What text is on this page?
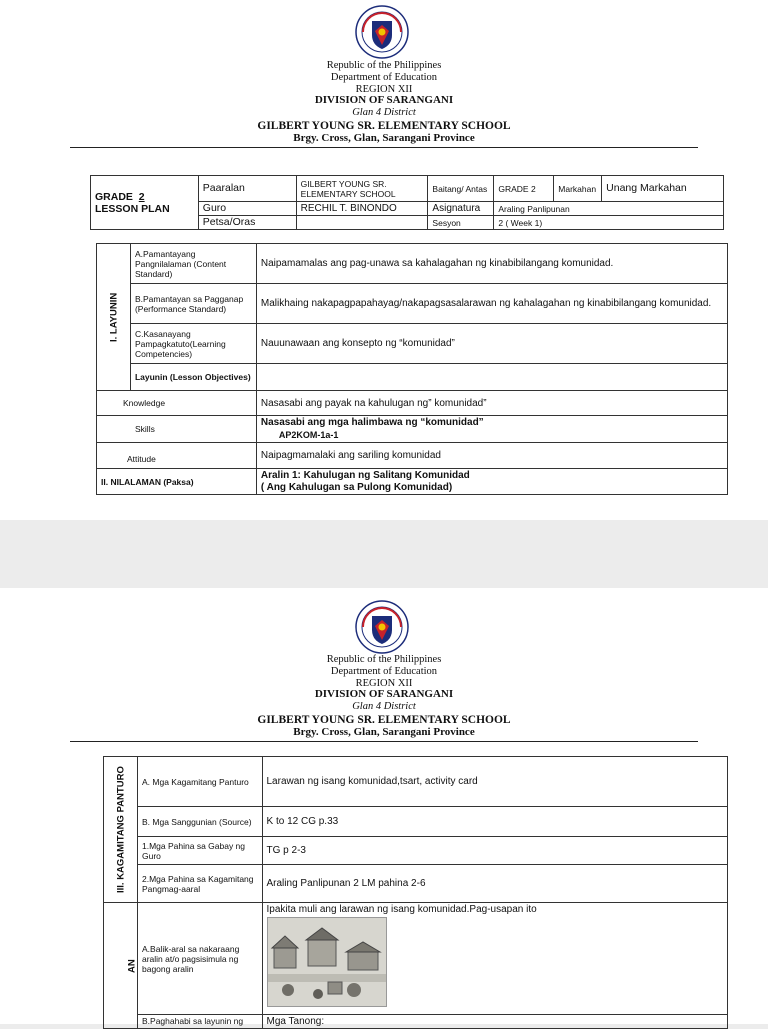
Republic of the Philippines
Department of Education
REGION XII
DIVISION OF SARANGANI
Glan 4 District
GILBERT YOUNG SR. ELEMENTARY SCHOOL
Brgy. Cross, Glan, Sarangani Province
GRADE 2
LESSON PLAN	Paaralan	GILBERT YOUNG SR. ELEMENTARY SCHOOL	Baitang/ Antas	GRADE 2	Markahan	Unang Markahan
	Guro	RECHIL T. BINONDO	Asignatura	Araling Panlipunan		
	Petsa/Oras		Sesyon	2 ( Week 1)		
I. LAYUNIN	A.Pamantayang Pangnilalaman (Content Standard)	Naipamamalas ang pag-unawa sa kahalagahan ng kinabibilangang komunidad.
	B.Pamantayan sa Pagganap (Performance Standard)	Malikhaing nakapagpapahayag/nakapagsasalarawan ng kahalagahan ng kinabibilangang komunidad.
	C.Kasanayang Pampagkatuto(Learning Competencies)	Nauunawaan ang konsepto ng “komunidad”
	Layunin (Lesson Objectives)	
Knowledge		Nasasabi ang payak na kahulugan ng” komunidad”
Skills		Nasasabi ang mga halimbawa ng “komunidad”
AP2KOM-1a-1

Attitude		Naipagmamalaki ang sariling komunidad
II. NILALAMAN (Paksa)		Aralin 1: Kahulugan ng Salitang Komunidad
( Ang Kahulugan sa Pulong Komunidad)
Republic of the Philippines
Department of Education
REGION XII
DIVISION OF SARANGANI
Glan 4 District
GILBERT YOUNG SR. ELEMENTARY SCHOOL
Brgy. Cross, Glan, Sarangani Province
III. KAGAMITANG PANTURO	A. Mga Kagamitang Panturo	Larawan ng isang komunidad,tsart, activity card
	B. Mga Sanggunian (Source)	K to 12 CG p.33
	1.Mga Pahina sa Gabay ng Guro	TG p 2-3
	2.Mga Pahina sa Kagamitang Pangmag-aaral	Araling Panlipunan 2 LM pahina 2-6
AN	A.Balik-aral sa nakaraang aralin at/o pagsisimula ng bagong aralin	Ipakita muli ang larawan ng isang komunidad.Pag-usapan ito

	B.Paghahabi sa layunin ng	Mga Tanong:
